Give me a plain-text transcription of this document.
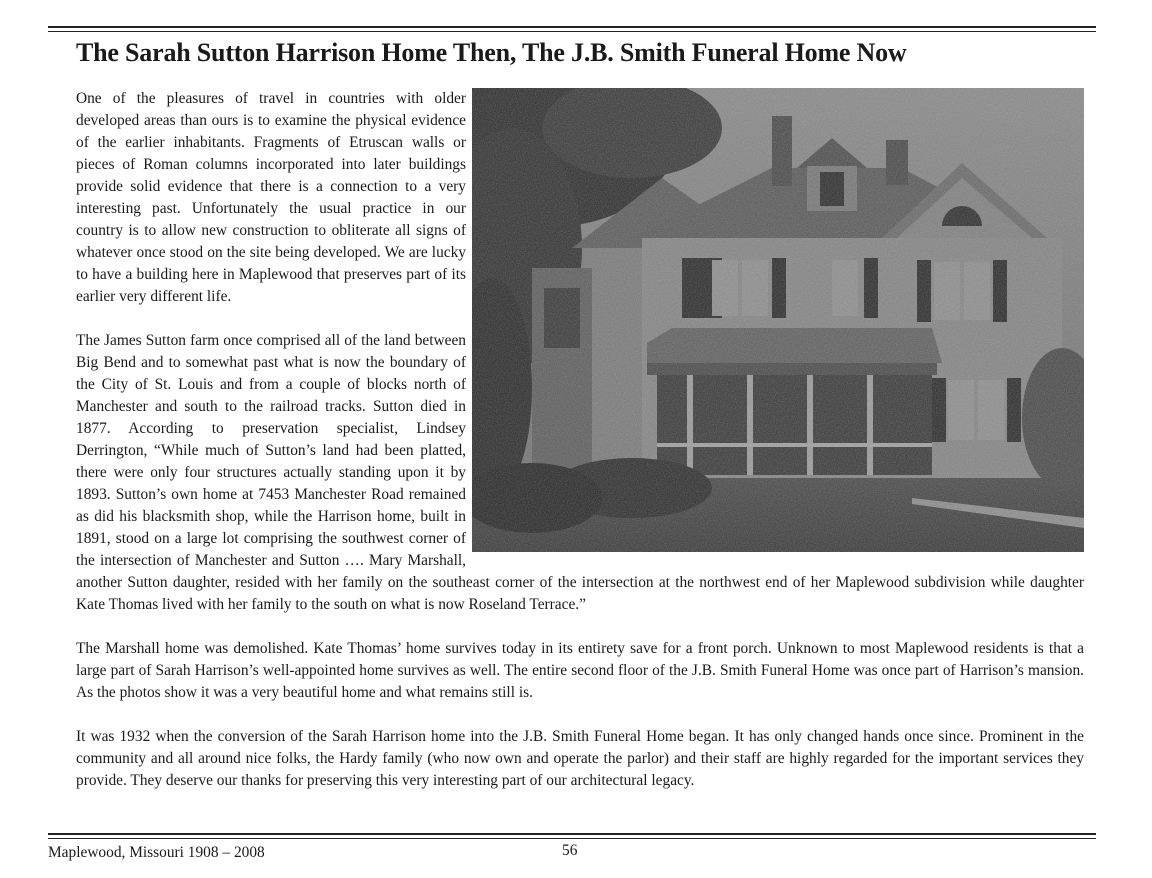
The Sarah Sutton Harrison Home Then, The J.B. Smith Funeral Home Now

One of the pleasures of travel in countries with older developed areas than ours is to examine the physical evidence of the earlier inhabitants. Fragments of Etruscan walls or pieces of Roman columns incorporated into later buildings provide solid evidence that there is a connection to a very interesting past. Unfortunately the usual practice in our country is to allow new construction to obliterate all signs of whatever once stood on the site being developed. We are lucky to have a building here in Maplewood that preserves part of its earlier very different life.

The James Sutton farm once comprised all of the land between Big Bend and to somewhat past what is now the boundary of the City of St. Louis and from a couple of blocks north of Manchester and south to the railroad tracks. Sutton died in 1877. According to preservation specialist, Lindsey Derrington, “While much of Sutton’s land had been platted, there were only four structures actually standing upon it by 1893. Sutton’s own home at 7453 Manchester Road remained as did his blacksmith shop, while the Harrison home, built in 1891, stood on a large lot comprising the southwest corner of the intersection of Manchester and Sutton …. Mary Marshall, another Sutton daughter, resided with her family on the southeast corner of the intersection at the northwest end of her Maplewood subdivision while daughter Kate Thomas lived with her family to the south on what is now Roseland Terrace.”

The Marshall home was demolished. Kate Thomas’ home survives today in its entirety save for a front porch. Unknown to most Maplewood residents is that a large part of Sarah Harrison’s well-appointed home survives as well. The entire second floor of the J.B. Smith Funeral Home was once part of Harrison’s mansion. As the photos show it was a very beautiful home and what remains still is.

It was 1932 when the conversion of the Sarah Harrison home into the J.B. Smith Funeral Home began. It has only changed hands once since. Prominent in the community and all around nice folks, the Hardy family (who now own and operate the parlor) and their staff are highly regarded for the important services they provide. They deserve our thanks for preserving this very interesting part of our architectural legacy.

Maplewood, Missouri 1908 – 2008	56
